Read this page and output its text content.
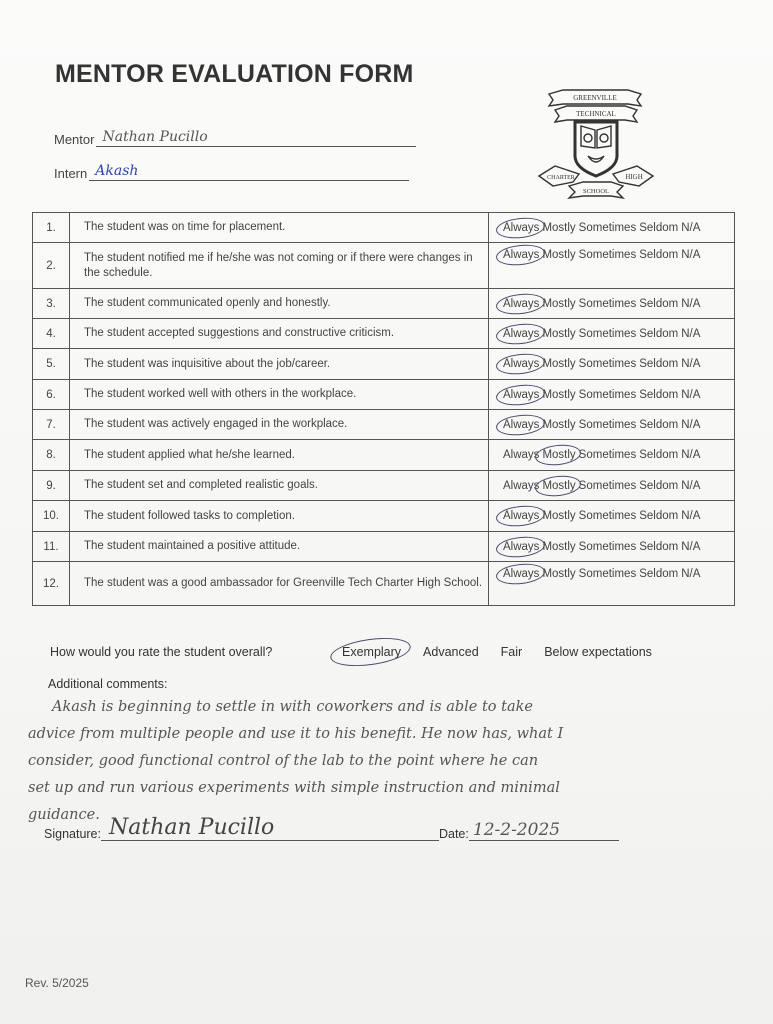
MENTOR EVALUATION FORM
Mentor Nathan Pucillo
Intern Akash
GREENVILLE
TECHNICAL
CHARTER	HIGH
SCHOOL
1.	The student was on time for placement.	Always Mostly Sometimes Seldom N/A
2.	The student notified me if he/she was not coming or if there were changes in the schedule.	Always Mostly Sometimes Seldom N/A
3.	The student communicated openly and honestly.	Always Mostly Sometimes Seldom N/A
4.	The student accepted suggestions and constructive criticism.	Always Mostly Sometimes Seldom N/A
5.	The student was inquisitive about the job/career.	Always Mostly Sometimes Seldom N/A
6.	The student worked well with others in the workplace.	Always Mostly Sometimes Seldom N/A
7.	The student was actively engaged in the workplace.	Always Mostly Sometimes Seldom N/A
8.	The student applied what he/she learned.	Always Mostly Sometimes Seldom N/A
9.	The student set and completed realistic goals.	Always Mostly Sometimes Seldom N/A
10.	The student followed tasks to completion.	Always Mostly Sometimes Seldom N/A
11.	The student maintained a positive attitude.	Always Mostly Sometimes Seldom N/A
12.	The student was a good ambassador for Greenville Tech Charter High School.	Always Mostly Sometimes Seldom N/A
How would you rate the student overall?	Exemplary Advanced Fair Below expectations
Additional comments:
Akash is beginning to settle in with coworkers and is able to take
advice from multiple people and use it to his benefit. He now has, what I
consider, good functional control of the lab to the point where he can
set up and run various experiments with simple instruction and minimal
guidance.
Signature: Nathan Pucillo	Date: 12-2-2025
Rev. 5/2025
